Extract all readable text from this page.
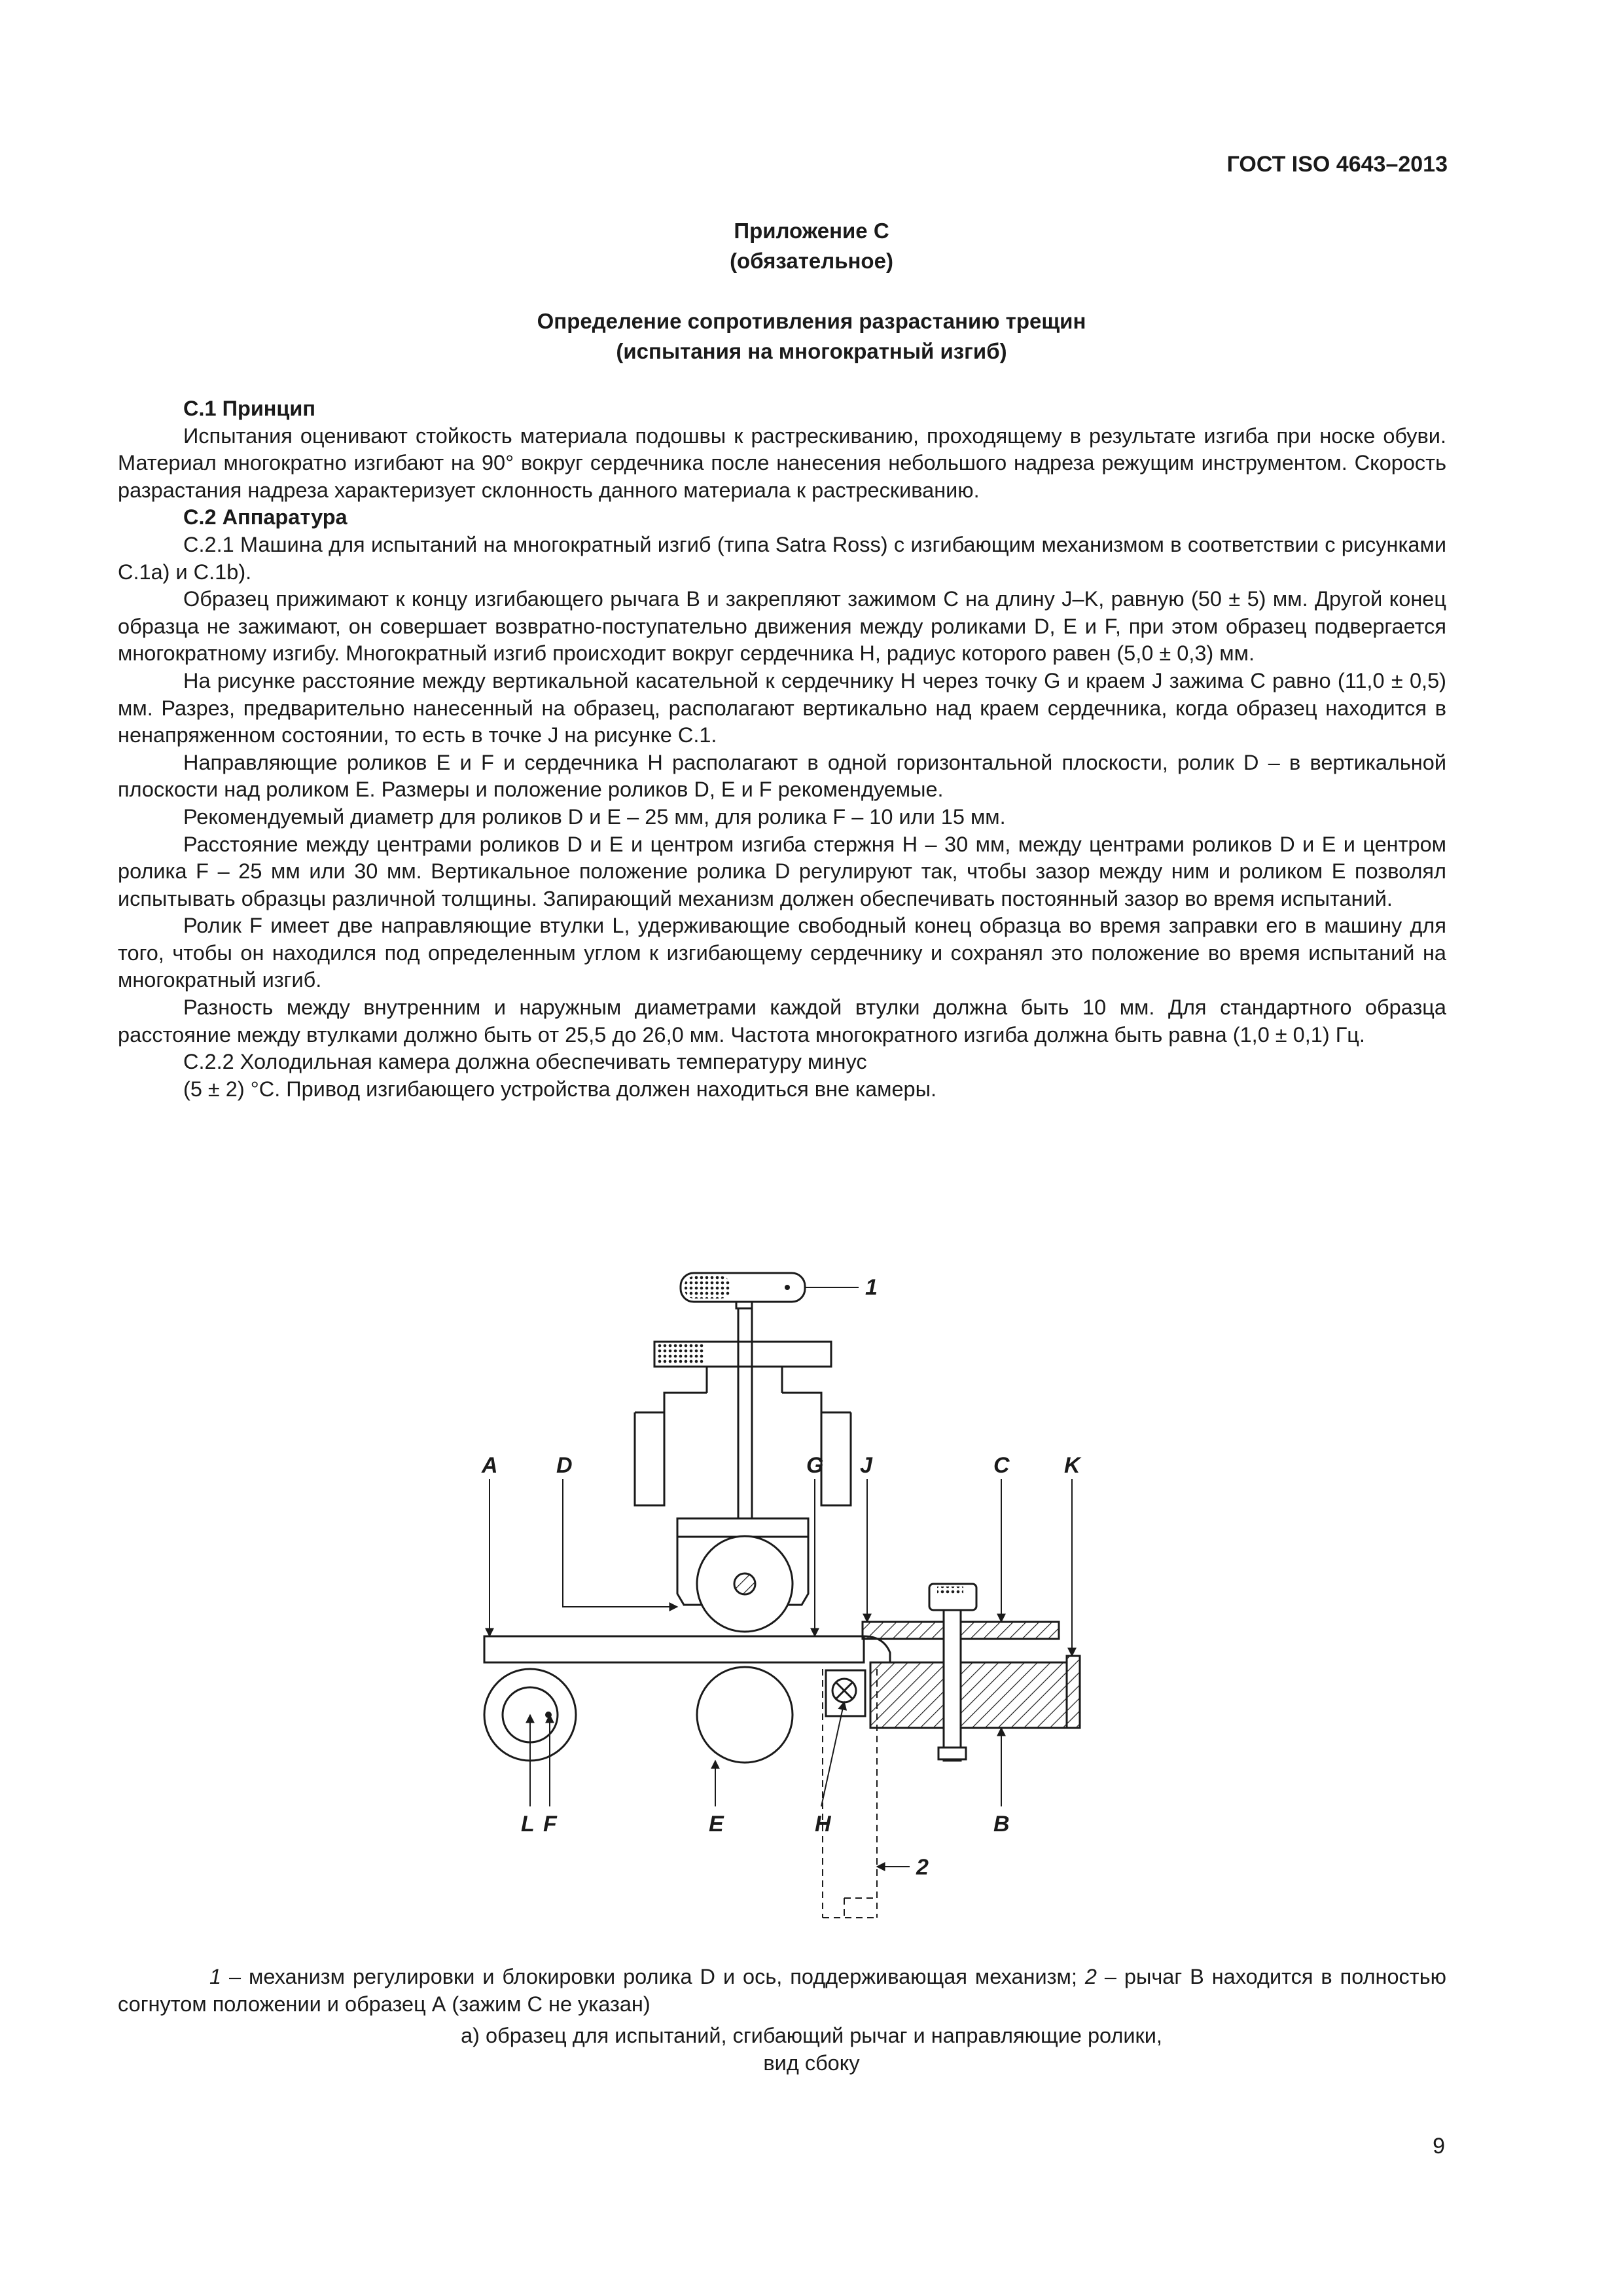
ГОСТ ISO 4643–2013
Приложение С
(обязательное)
Определение сопротивления разрастанию трещин
(испытания на многократный изгиб)
С.1 Принцип

Испытания оценивают стойкость материала подошвы к растрескиванию, проходящему в результате изгиба при носке обуви. Материал многократно изгибают на 90° вокруг сердечника после нанесения небольшого надреза режущим инструментом. Скорость разрастания надреза характеризует склонность данного материала к растрескиванию.

С.2 Аппаратура

С.2.1 Машина для испытаний на многократный изгиб (типа Satra Ross) с изгибающим механизмом в соответствии с рисунками С.1а) и С.1b).

Образец прижимают к концу изгибающего рычага В и закрепляют зажимом С на длину J–K, равную (50 ± 5) мм. Другой конец образца не зажимают, он совершает возвратно-поступательно движения между роликами D, E и F, при этом образец подвергается многократному изгибу. Многократный изгиб происходит вокруг сердечника Н, радиус которого равен (5,0 ± 0,3) мм.

На рисунке расстояние между вертикальной касательной к сердечнику Н через точку G и краем J зажима С равно (11,0 ± 0,5) мм. Разрез, предварительно нанесенный на образец, располагают вертикально над краем сердечника, когда образец находится в ненапряженном состоянии, то есть в точке J на рисунке С.1.

Направляющие роликов Е и F и сердечника Н располагают в одной горизонтальной плоскости, ролик D – в вертикальной плоскости над роликом Е. Размеры и положение роликов D, Е и F рекомендуемые.

Рекомендуемый диаметр для роликов D и Е – 25 мм, для ролика F – 10 или 15 мм.

Расстояние между центрами роликов D и Е и центром изгиба стержня Н – 30 мм, между центрами роликов D и Е и центром ролика F – 25 мм или 30 мм. Вертикальное положение ролика D регулируют так, чтобы зазор между ним и роликом Е позволял испытывать образцы различной толщины. Запирающий механизм должен обеспечивать постоянный зазор во время испытаний.

Ролик F имеет две направляющие втулки L, удерживающие свободный конец образца во время заправки его в машину для того, чтобы он находился под определенным углом к изгибающему сердечнику и сохранял это положение во время испытаний на многократный изгиб.

Разность между внутренним и наружным диаметрами каждой втулки должна быть 10 мм. Для стандартного образца расстояние между втулками должно быть от 25,5 до 26,0 мм. Частота многократного изгиба должна быть равна (1,0 ± 0,1) Гц.

С.2.2 Холодильная камера должна обеспечивать температуру минус

(5 ± 2) °С. Привод изгибающего устройства должен находиться вне камеры.

1
A	D	G J	C K
L F	E	H	B
2

1 – механизм регулировки и блокировки ролика D и ось, поддерживающая механизм; 2 – рычаг В находится в полностью согнутом положении и образец А (зажим С не указан)

а) образец для испытаний, сгибающий рычаг и направляющие ролики,
вид сбоку
9
